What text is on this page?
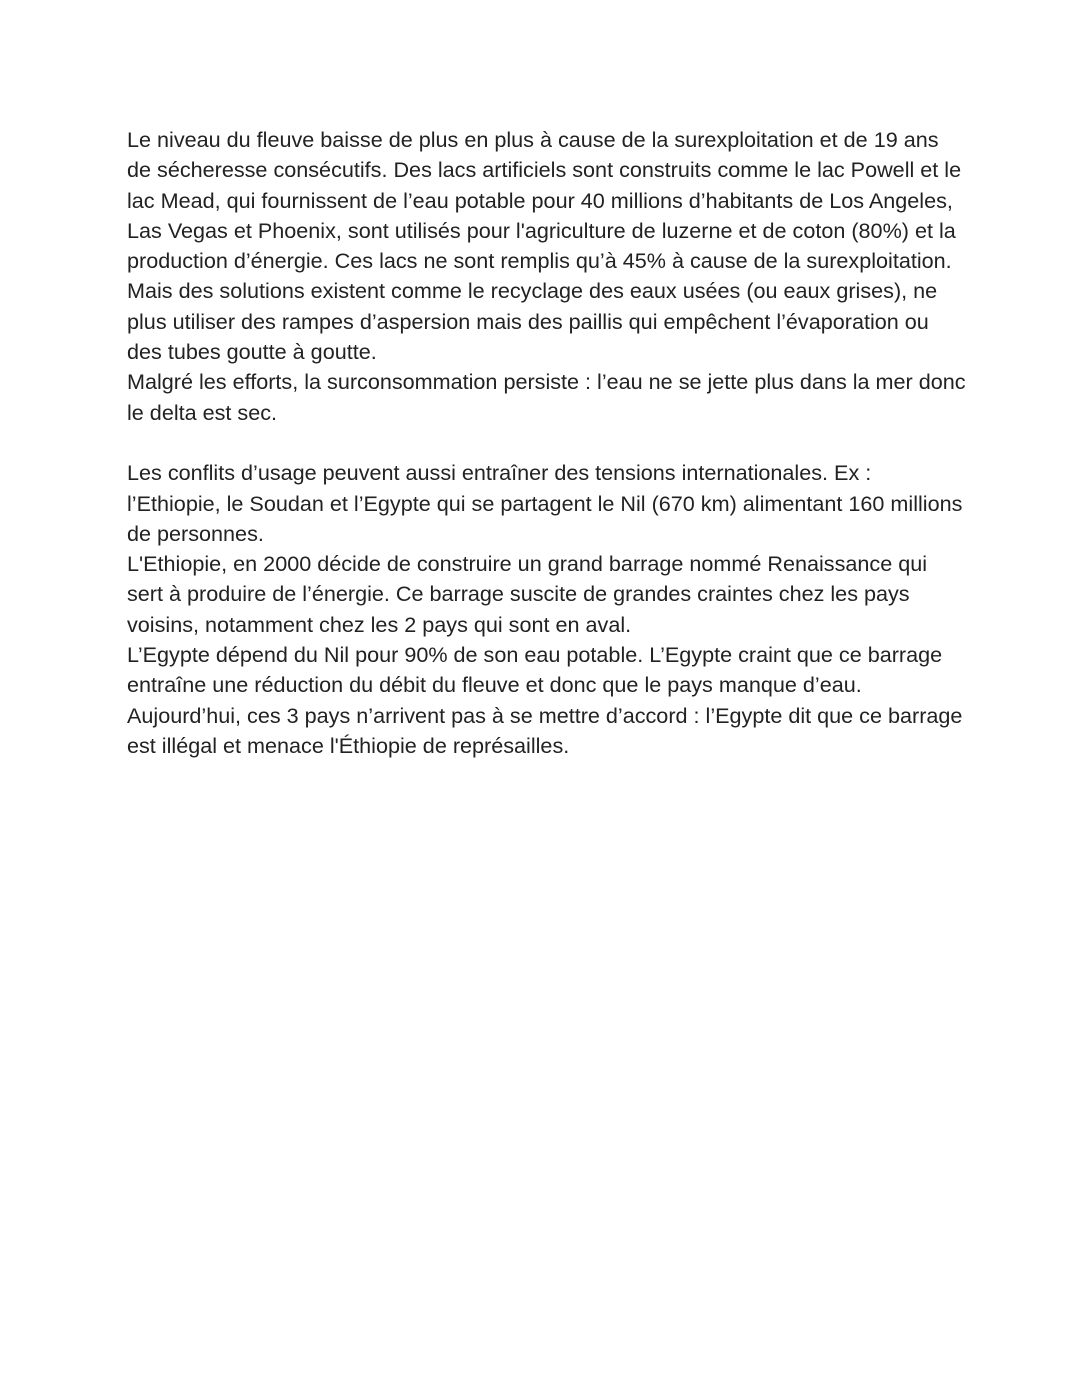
Le niveau du fleuve baisse de plus en plus à cause de la surexploitation et de 19 ans de sécheresse consécutifs. Des lacs artificiels sont construits comme le lac Powell et le lac Mead, qui fournissent de l’eau potable pour 40 millions d’habitants de Los Angeles, Las Vegas et Phoenix, sont utilisés pour l'agriculture de luzerne et de coton (80%) et la production d’énergie. Ces lacs ne sont remplis qu’à 45% à cause de la surexploitation. Mais des solutions existent comme le recyclage des eaux usées (ou eaux grises), ne plus utiliser des rampes d’aspersion mais des paillis qui empêchent l’évaporation ou des tubes goutte à goutte.

Malgré les efforts, la surconsommation persiste : l’eau ne se jette plus dans la mer donc le delta est sec.

Les conflits d’usage peuvent aussi entraîner des tensions internationales. Ex : l’Ethiopie, le Soudan et l’Egypte qui se partagent le Nil (670 km) alimentant 160 millions de personnes.

L'Ethiopie, en 2000 décide de construire un grand barrage nommé Renaissance qui sert à produire de l’énergie. Ce barrage suscite de grandes craintes chez les pays voisins, notamment chez les 2 pays qui sont en aval.

L’Egypte dépend du Nil pour 90% de son eau potable. L’Egypte craint que ce barrage entraîne une réduction du débit du fleuve et donc que le pays manque d’eau.

Aujourd’hui, ces 3 pays n’arrivent pas à se mettre d’accord : l’Egypte dit que ce barrage est illégal et menace l'Éthiopie de représailles.
